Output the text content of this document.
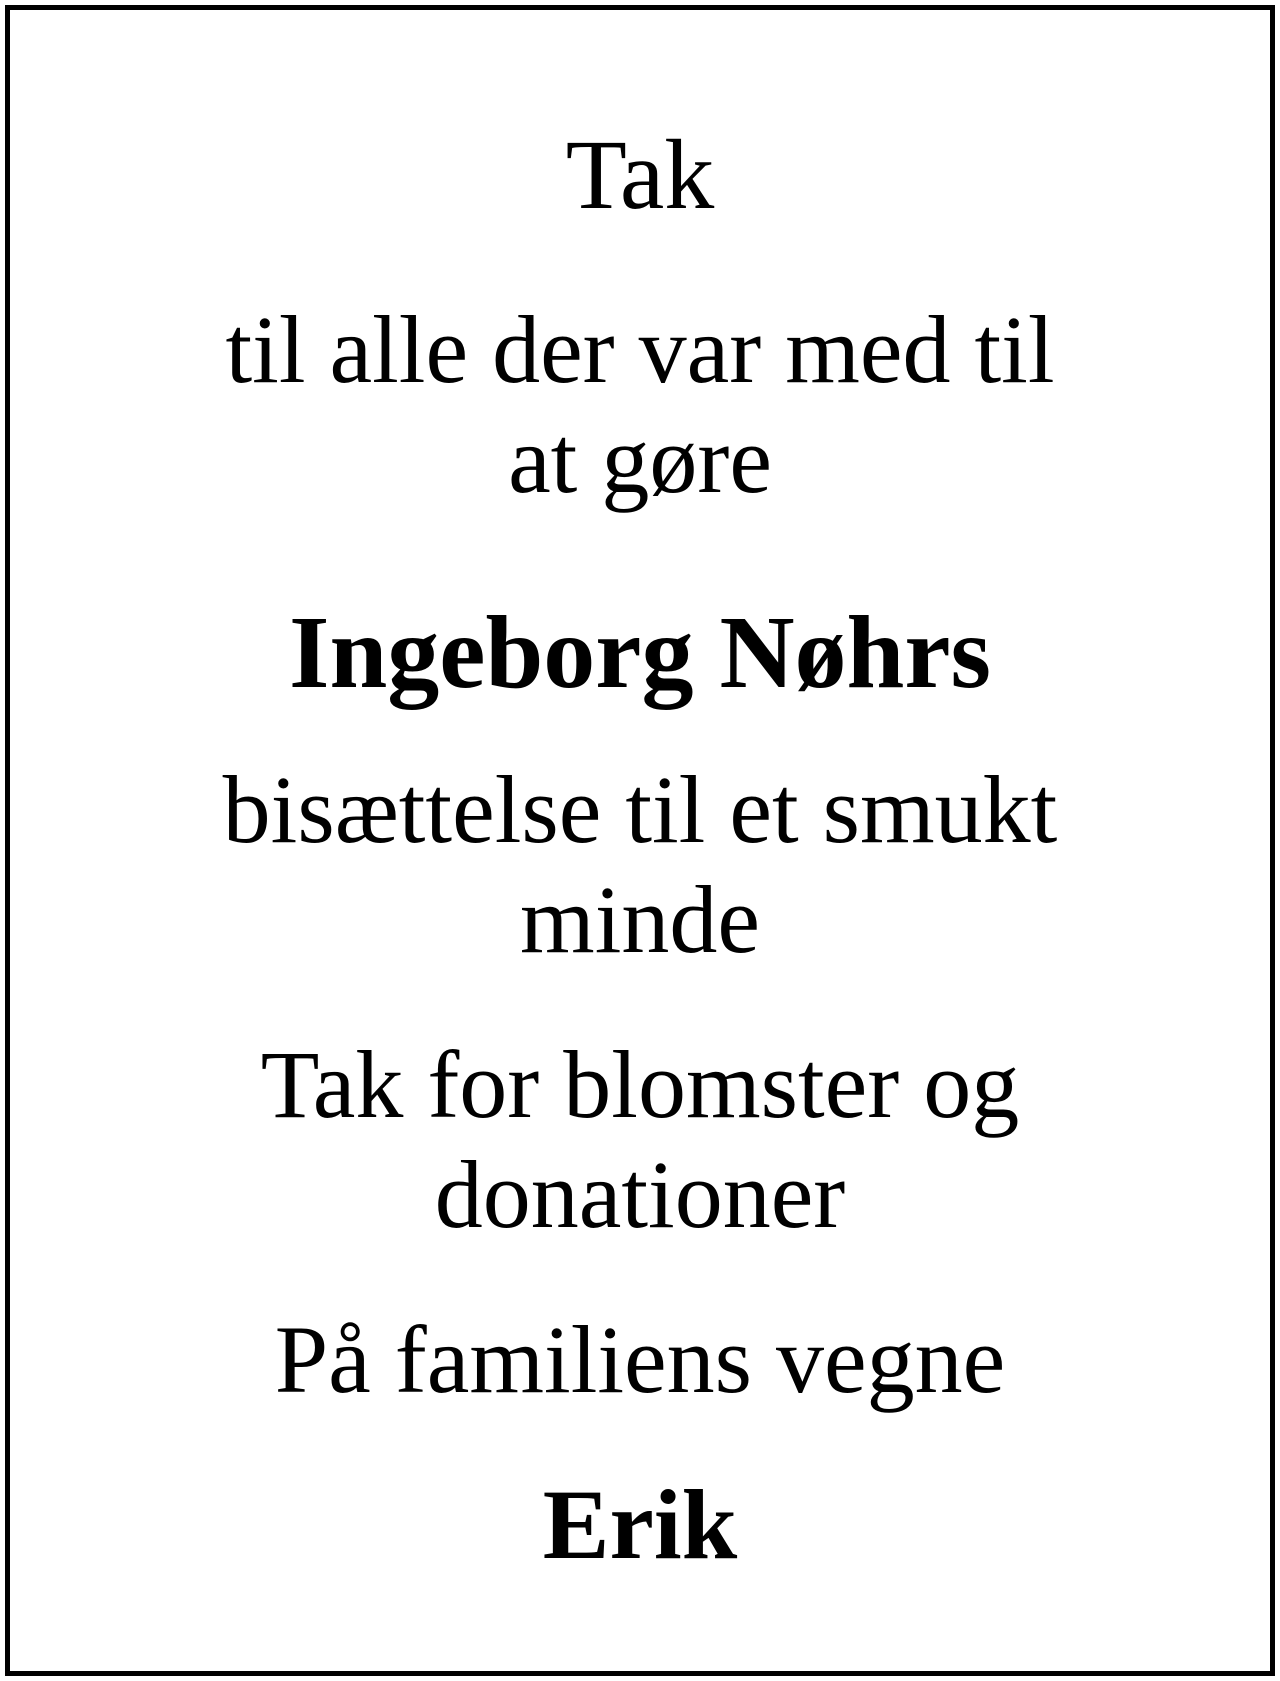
Tak

til alle der var med til

at gøre

Ingeborg Nøhrs

bisættelse til et smukt

minde

Tak for blomster og

donationer

På familiens vegne

Erik
